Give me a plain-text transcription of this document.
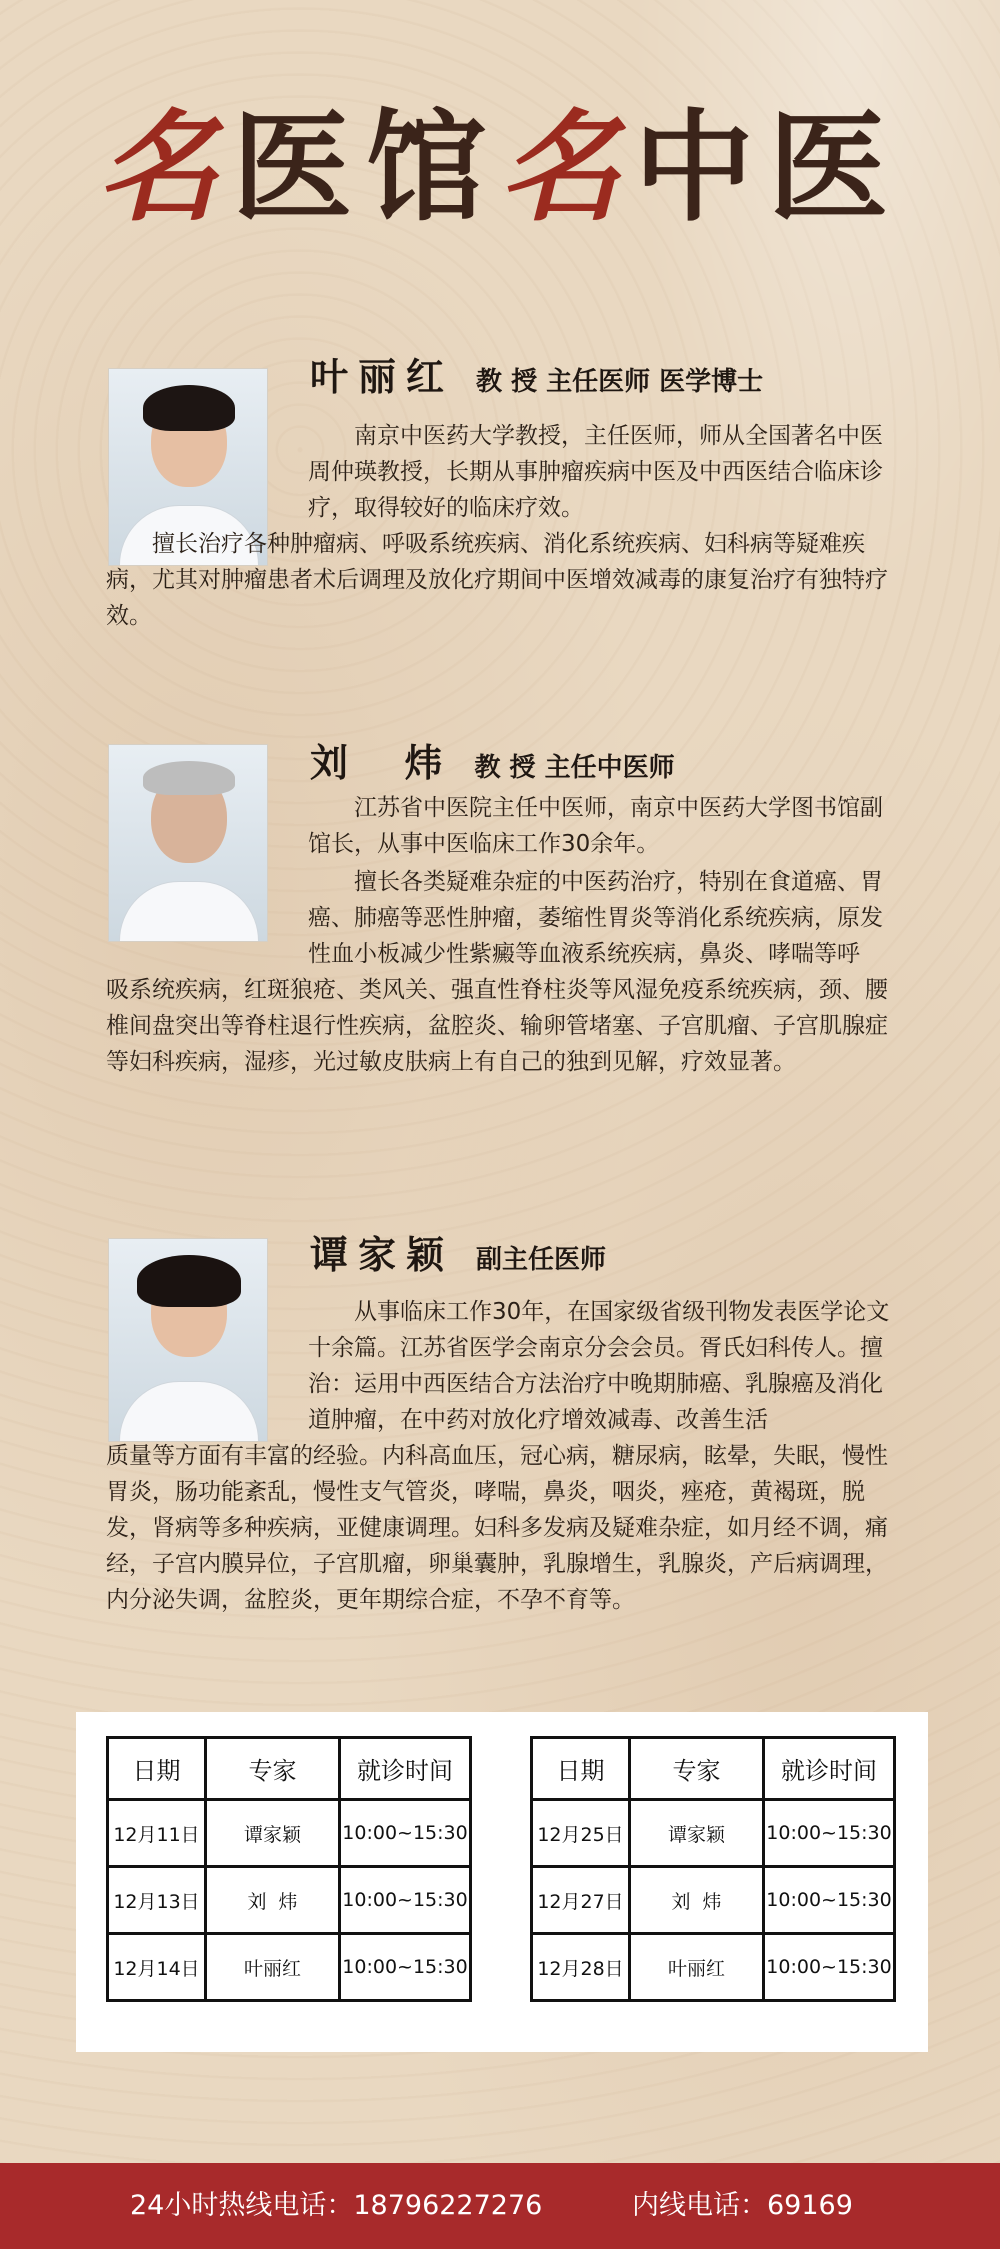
名医馆名中医
叶丽红 教 授 主任医师 医学博士

南京中医药大学教授，主任医师，师从全国著名中医周仲瑛教授，长期从事肿瘤疾病中医及中西医结合临床诊疗，取得较好的临床疗效。

擅长治疗各种肿瘤病、呼吸系统疾病、消化系统疾病、妇科病等疑难疾病，尤其对肿瘤患者术后调理及放化疗期间中医增效减毒的康复治疗有独特疗效。

刘  炜 教 授 主任中医师

江苏省中医院主任中医师，南京中医药大学图书馆副馆长，从事中医临床工作30余年。

擅长各类疑难杂症的中医药治疗，特别在食道癌、胃癌、肺癌等恶性肿瘤，萎缩性胃炎等消化系统疾病，原发性血小板减少性紫癜等血液系统疾病，鼻炎、哮喘等呼

吸系统疾病，红斑狼疮、类风关、强直性脊柱炎等风湿免疫系统疾病，颈、腰椎间盘突出等脊柱退行性疾病，盆腔炎、输卵管堵塞、子宫肌瘤、子宫肌腺症等妇科疾病，湿疹，光过敏皮肤病上有自己的独到见解，疗效显著。

谭家颖 副主任医师

从事临床工作30年，在国家级省级刊物发表医学论文十余篇。江苏省医学会南京分会会员。胥氏妇科传人。擅治：运用中西医结合方法治疗中晚期肺癌、乳腺癌及消化道肿瘤，在中药对放化疗增效减毒、改善生活

质量等方面有丰富的经验。内科高血压，冠心病，糖尿病，眩晕，失眠，慢性胃炎，肠功能紊乱，慢性支气管炎，哮喘，鼻炎，咽炎，痤疮，黄褐斑，脱发，肾病等多种疾病，亚健康调理。妇科多发病及疑难杂症，如月经不调，痛经，子宫内膜异位，子宫肌瘤，卵巢囊肿，乳腺增生，乳腺炎，产后病调理，内分泌失调，盆腔炎，更年期综合症，不孕不育等。

日期	专家	就诊时间
12月11日	谭家颖	10:00~15:30
12月13日	刘  炜	10:00~15:30
12月14日	叶丽红	10:00~15:30
日期	专家	就诊时间
12月25日	谭家颖	10:00~15:30
12月27日	刘  炜	10:00~15:30
12月28日	叶丽红	10:00~15:30
24小时热线电话：18796227276	内线电话：69169
